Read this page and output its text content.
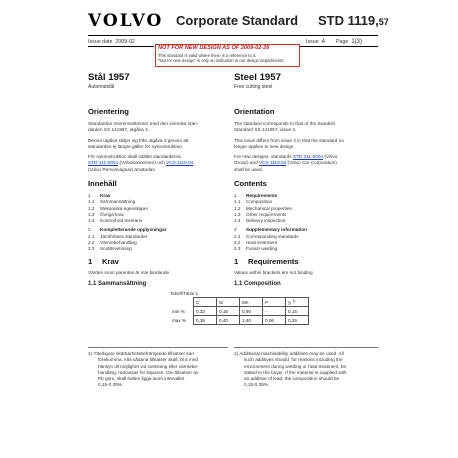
VOLVO Corporate Standard STD 1119,57
Issue date 2009-02	Issue 4 Page 1(3)
NOT FOR NEW DESIGN AS OF 2009-02-26
This standard is valid where there is a reference to it.
"Not for new design" is only an indication to our design departments.
Stål 1957
Automatstål
Steel 1957
Free cutting steel
Orientering
Standarden överensstämmer med den svenska stan-
darden SS 141957, utgåva 4.
Denna utgåva skiljer sig från utgåva 3 genom att
standarden ej längre gäller för nykonstruktion.
För nykonstruktion skall istället standarderna
STD 311-0004 (Volvokoncernen) och VCS 1119,04
(Volvo Personvagnar) användas.
Orientation
The standard corresponds to that of the Swedish
Standard SS 141957, issue 4.
This issue differs from issue 3 in that the standard no
longer applies to new design.
For new designs, standards STD 311-0004 (Volvo
Group) and VCS 1119,04 (Volvo Car Corporation)
shall be used.
Innehåll
1 Krav
1.1 Sammansättning
1.2 Mekaniska egenskaper
1.3 Övriga krav
1.4 Kontroll vid leverans
2 Kompletterande upplysningar
2.1 Jämförbara standarder
2.2 Värmebehandling
2.3 Smältsvetsning
Contents
1 Requirements
1.1 Composition
1.2 Mechanical properties
1.3 Other requirements
1.4 Delivery inspection
2 Supplementary information
2.1 Corresponding standards
2.2 Heat treatment
2.3 Fusion welding
1 Krav
Värden inom parentes är inte bindande
1 Requirements
Values within brackets are not binding
1.1 Sammansättning	1.1 Composition
Tabell/Table 1
	C	Si	Mn	P	S $^{1)}$
min %	0,32	0,15	0,90	-	0,15
max %	0,39	0,40	1,40	0,06	0,25
1) Ytterligare skärbarhetsbefrämjande tillsatser kan
förekomma. Alla sådana tillsatser skall, bl a med
hänsyn till möjlighet vid svetsning eller värmebe-
handling, redovisas för köparen. Om tillsatser av
Pb görs, skall halten ligga inom intervallet
0,15-0,35%.
1) Additional machinability additives may be used. All
such additives should, for reasons including the
environment during welding or heat treatment, be
stated to the buyer. If the material is supplied with
an additive of lead, the composition should be
0,15-0,35%.
